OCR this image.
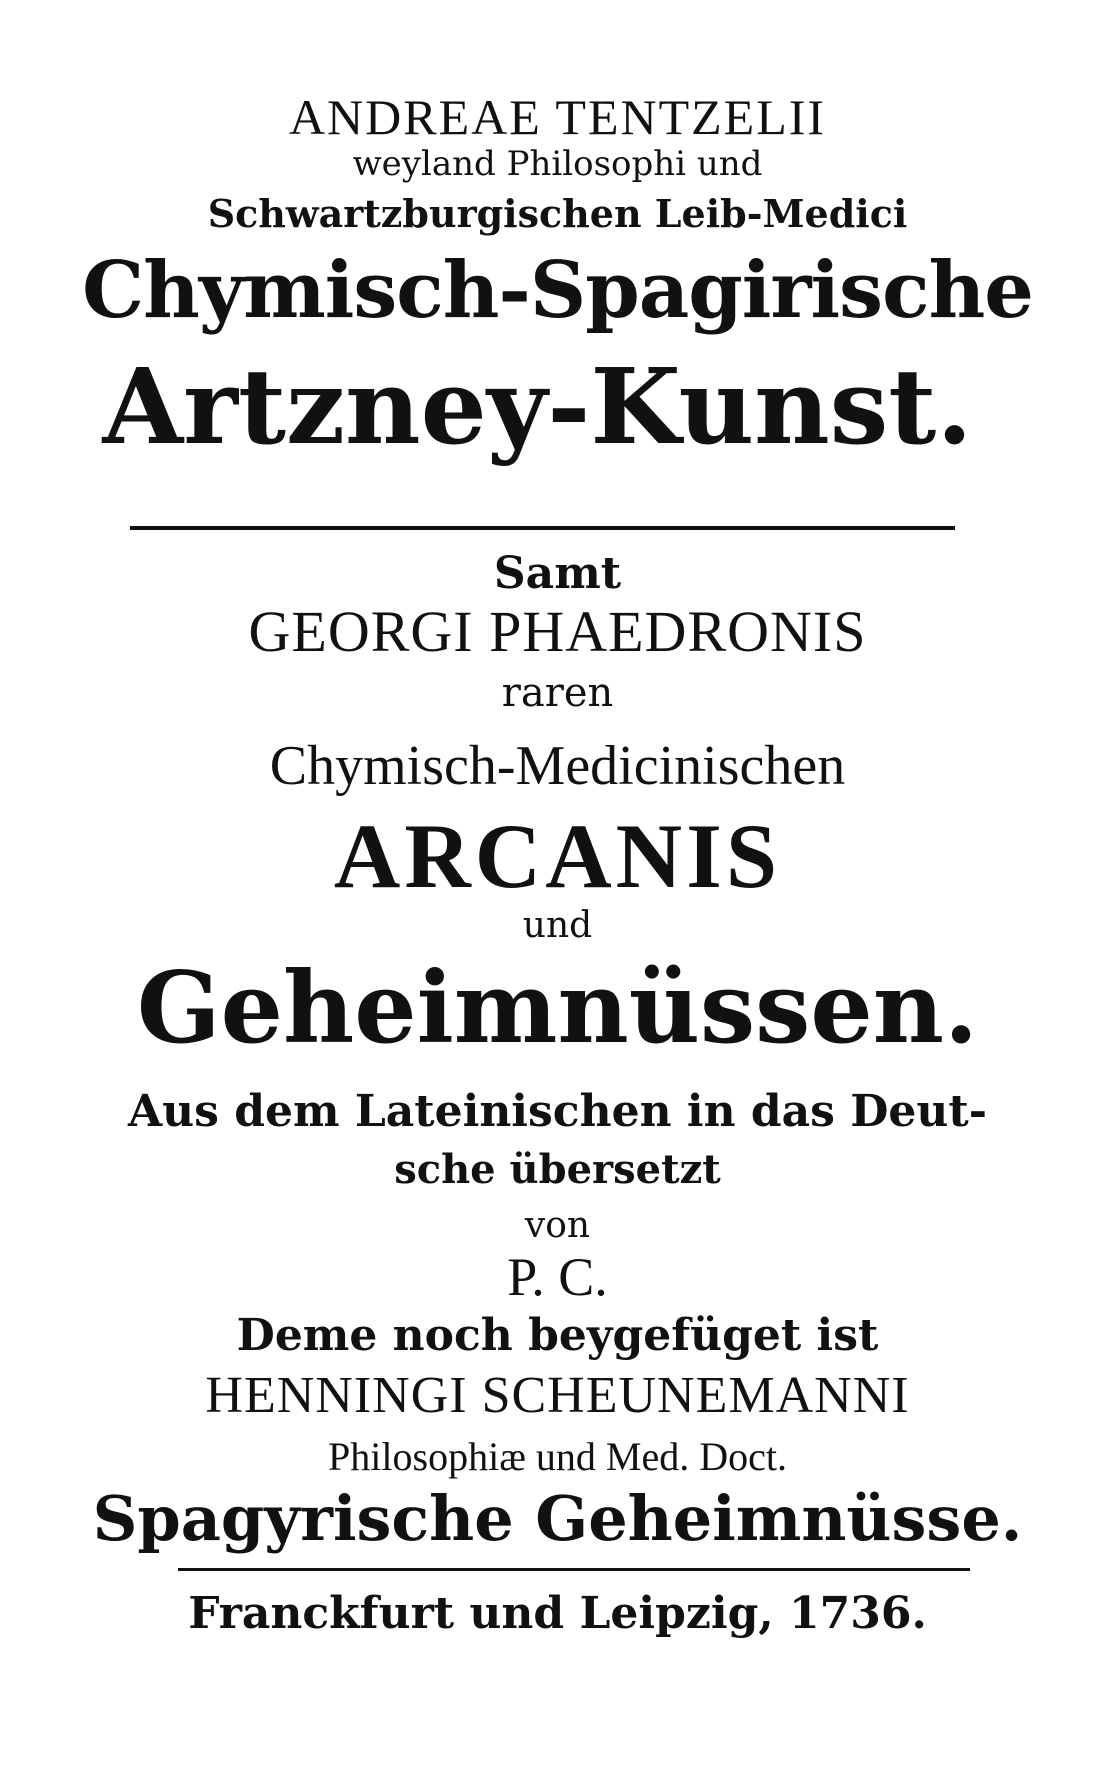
ANDREAE TENTZELII

weyland Philosophi und

Schwartzburgischen Leib-Medici

Chymisch-Spagirische

Artzney-Kunst.

Samt

GEORGI PHAEDRONIS

raren

Chymisch-Medicinischen

ARCANIS

und

Geheimnüssen.

Aus dem Lateinischen in das Deut-

sche übersetzt

von

P. C.

Deme noch beygefüget ist

HENNINGI SCHEUNEMANNI

Philosophiæ und Med. Doct.

Spagyrische Geheimnüsse.

Franckfurt und Leipzig, 1736.
